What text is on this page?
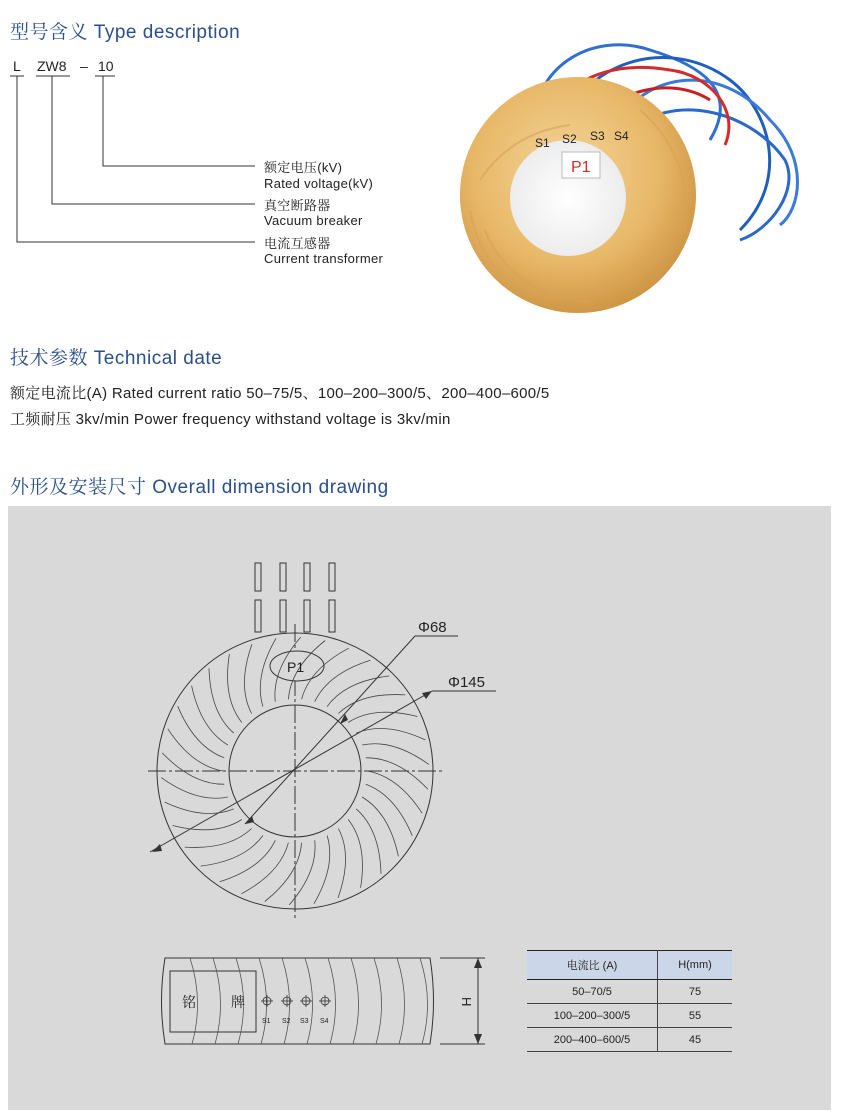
型号含义 Type description
L ZW8 – 10
额定电压(kV)
Rated voltage(kV)
真空断路器
Vacuum breaker
电流互感器
Current transformer
S1 S2 S3 S4
P1
技术参数 Technical date
额定电流比(A) Rated current ratio 50–75/5、100–200–300/5、200–400–600/5
工频耐压 3kv/min Power frequency withstand voltage is 3kv/min
外形及安装尺寸 Overall dimension drawing
P1
Φ68
Φ145
铭	牌
S1 S2 S3 S4
H
电流比 (A)	H(mm)
50–70/5	75
100–200–300/5	55
200–400–600/5	45
